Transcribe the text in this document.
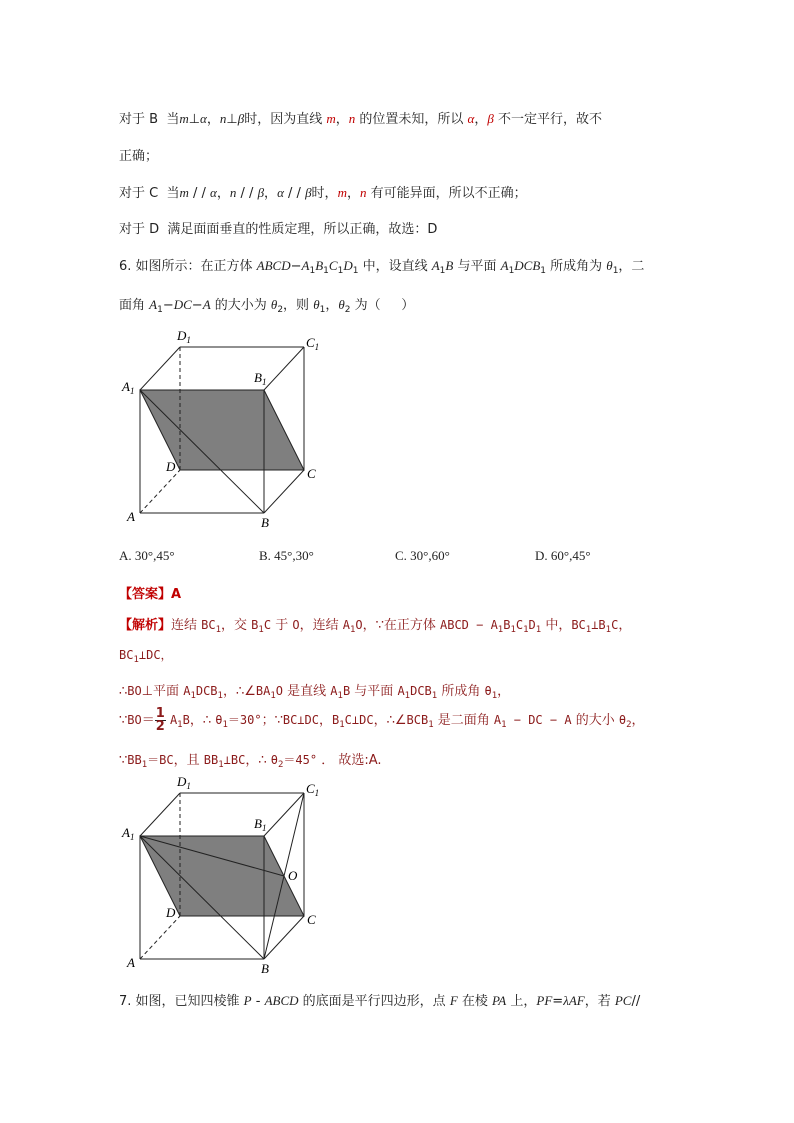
对于 B  当m⊥α，n⊥β时，因为直线 m，n 的位置未知，所以 α，β 不一定平行，故不
正确；
对于 C  当m / / α，n / / β，α / / β时，m，n 有可能异面，所以不正确；
对于 D  满足面面垂直的性质定理，所以正确，故选：D
6. 如图所示：在正方体 $ABCD-A_1B_1C_1D_1$ 中，设直线 $A_1B$ 与平面 $A_1DCB_1$ 所成角为 $\theta_1$，二
面角 $A_1-DC-A$ 的大小为 $\theta_2$，则 $\theta_1$，$\theta_2$ 为（     ）
$D_1$	$C_1$
$A_1$
$B_1$
D	C
A	B
A. 30°,45°	B. 45°,30°	C. 30°,60°	D. 60°,45°
【答案】A
【解析】连结 $BC_1$，交 $B_1C$ 于 O，连结 $A_1O$，∵在正方体 ABCD − $A_1B_1C_1D_1$ 中，$BC_1\perp B_1C$，
$BC_1\perp DC$，
∴BO⊥平面 $A_1DCB_1$，$\therefore\angle BA_1O$ 是直线 $A_1B$ 与平面 $A_1DCB_1$ 所成角 $\theta_1$，
∵BO＝ $\frac{1}{2} A_1B$，∴ $\theta_1=30^\circ$；∵BC⊥DC，$B_1C\perp DC$，$\therefore\angle BCB_1$ 是二面角 $A_1$ − DC − A 的大小 $\theta_2$，
$\because BB_1=BC$，且 $BB_1\perp BC$，∴ $\theta_2=45^\circ$ ． 故选:A.
$D_1$	$C_1$
$A_1$
$B_1$
O
D	C
A	B
7. 如图，已知四棱锥 P - ABCD 的底面是平行四边形，点 F 在棱 PA 上，PF=λAF，若 PC//
